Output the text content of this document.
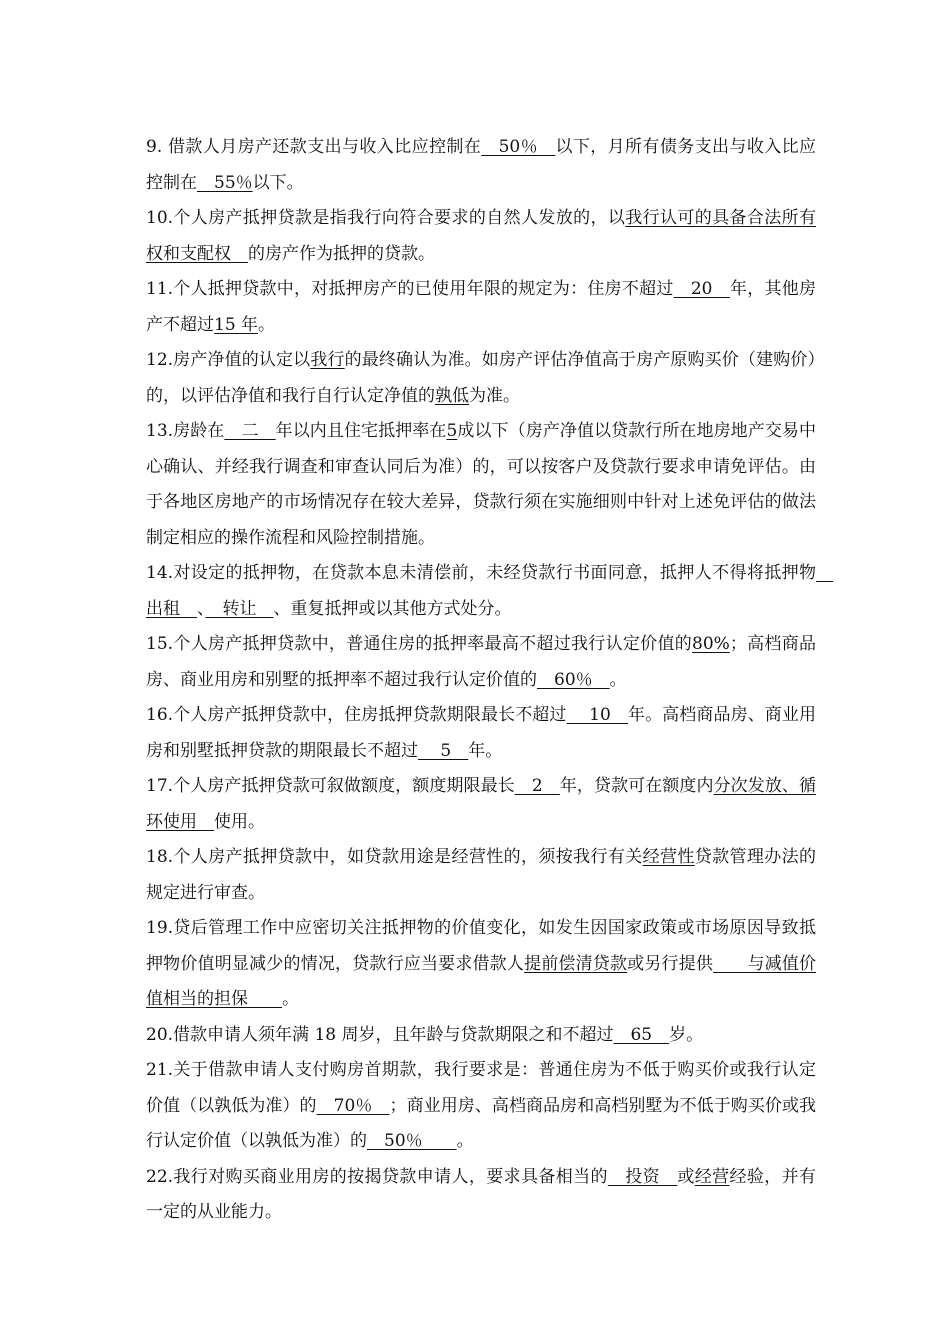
9. 借款人月房产还款支出与收入比应控制在　50％　以下，月所有债务支出与收入比应控制在　55％以下。

10.个人房产抵押贷款是指我行向符合要求的自然人发放的，以我行认可的具备合法所有权和支配权　的房产作为抵押的贷款。

11.个人抵押贷款中，对抵押房产的已使用年限的规定为：住房不超过　20　年，其他房产不超过15 年。

12.房产净值的认定以我行的最终确认为准。如房产评估净值高于房产原购买价（建购价）的，以评估净值和我行自行认定净值的孰低为准。

13.房龄在　二　年以内且住宅抵押率在5成以下（房产净值以贷款行所在地房地产交易中心确认、并经我行调查和审查认同后为准）的，可以按客户及贷款行要求申请免评估。由于各地区房地产的市场情况存在较大差异，贷款行须在实施细则中针对上述免评估的做法制定相应的操作流程和风险控制措施。

14.对设定的抵押物，在贷款本息未清偿前，未经贷款行书面同意，抵押人不得将抵押物　出租　、　转让　、重复抵押或以其他方式处分。

15.个人房产抵押贷款中，普通住房的抵押率最高不超过我行认定价值的80%；高档商品房、商业用房和别墅的抵押率不超过我行认定价值的　60％　。

16.个人房产抵押贷款中，住房抵押贷款期限最长不超过　 10　年。高档商品房、商业用房和别墅抵押贷款的期限最长不超过　 5　年。

17.个人房产抵押贷款可叙做额度，额度期限最长　2　年，贷款可在额度内分次发放、循环使用　使用。

18.个人房产抵押贷款中，如贷款用途是经营性的，须按我行有关经营性贷款管理办法的规定进行审查。

19.贷后管理工作中应密切关注抵押物的价值变化，如发生因国家政策或市场原因导致抵押物价值明显减少的情况，贷款行应当要求借款人提前偿清贷款或另行提供　　与减值价值相当的担保　　。

20.借款申请人须年满 18 周岁，且年龄与贷款期限之和不超过　65　岁。

21.关于借款申请人支付购房首期款，我行要求是：普通住房为不低于购买价或我行认定价值（以孰低为准）的　70％　；商业用房、高档商品房和高档别墅为不低于购买价或我行认定价值（以孰低为准）的　50％　　。

22.我行对购买商业用房的按揭贷款申请人，要求具备相当的　投资　或经营经验，并有一定的从业能力。
